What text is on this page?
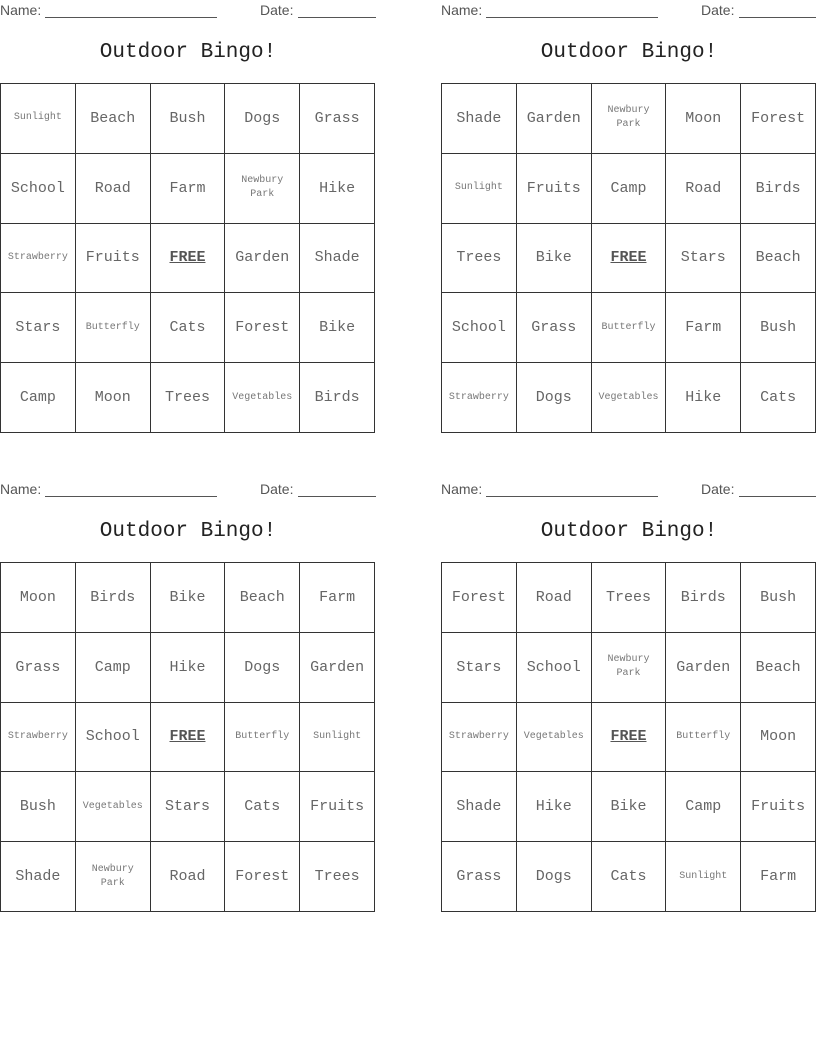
Name:	Date:
Outdoor Bingo!
Sunlight	Beach	Bush	Dogs	Grass
School	Road	Farm	Newbury Park	Hike
Strawberry	Fruits	FREE	Garden	Shade
Stars	Butterfly	Cats	Forest	Bike
Camp	Moon	Trees	Vegetables	Birds
Name:	Date:
Outdoor Bingo!
Shade	Garden	Newbury Park	Moon	Forest
Sunlight	Fruits	Camp	Road	Birds
Trees	Bike	FREE	Stars	Beach
School	Grass	Butterfly	Farm	Bush
Strawberry	Dogs	Vegetables	Hike	Cats
Name:	Date:
Outdoor Bingo!
Moon	Birds	Bike	Beach	Farm
Grass	Camp	Hike	Dogs	Garden
Strawberry	School	FREE	Butterfly	Sunlight
Bush	Vegetables	Stars	Cats	Fruits
Shade	Newbury Park	Road	Forest	Trees
Name:	Date:
Outdoor Bingo!
Forest	Road	Trees	Birds	Bush
Stars	School	Newbury Park	Garden	Beach
Strawberry	Vegetables	FREE	Butterfly	Moon
Shade	Hike	Bike	Camp	Fruits
Grass	Dogs	Cats	Sunlight	Farm
